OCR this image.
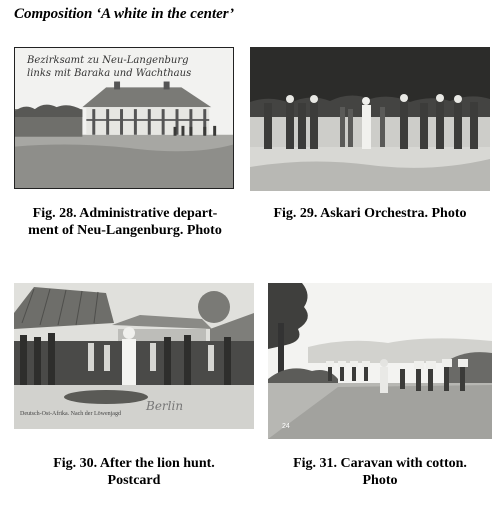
Composition ‘A white in the center’
Bezirksamt zu Neu-Langenburg
links mit Baraka und Wachthaus
Fig. 28. Administrative depart-
ment of Neu-Langenburg. Photo
Fig. 29. Askari Orchestra. Photo
Deutsch-Ost-Afrika. Nach der Löwenjagd
Berlin
Fig. 30. After the lion hunt.
Postcard
24
Fig. 31. Caravan with cotton.
Photo
